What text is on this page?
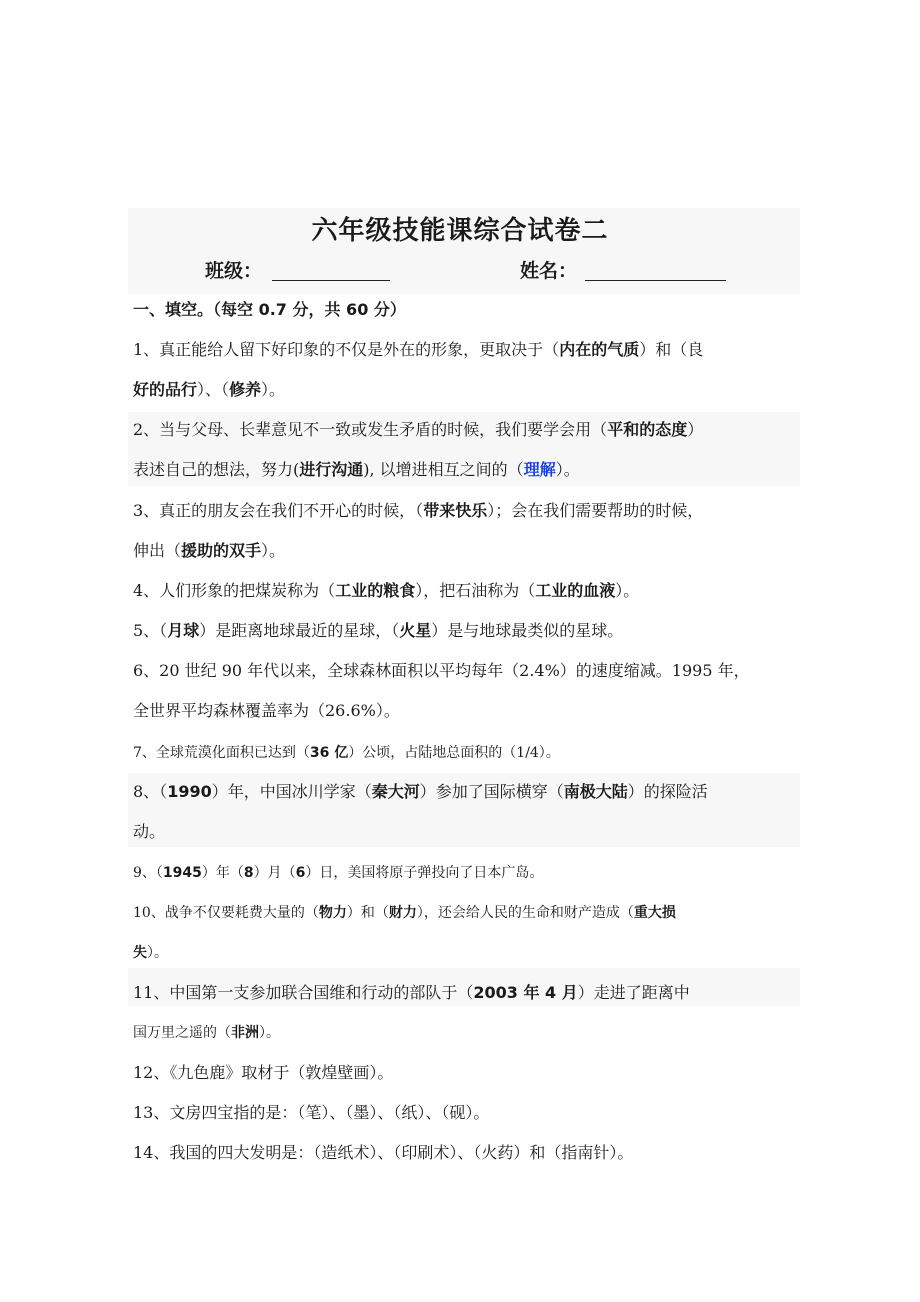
六年级技能课综合试卷二
班级：	姓名：
一、填空。（每空 0.7 分，共 60 分）
1、真正能给人留下好印象的不仅是外在的形象，更取决于（内在的气质）和（良
好的品行）、（修养）。
2、当与父母、长辈意见不一致或发生矛盾的时候，我们要学会用（平和的态度）
表述自己的想法，努力(进行沟通), 以增进相互之间的（理解）。
3、真正的朋友会在我们不开心的时候，（带来快乐）；会在我们需要帮助的时候，
伸出（援助的双手）。
4、人们形象的把煤炭称为（工业的粮食），把石油称为（工业的血液）。
5、（月球）是距离地球最近的星球，（火星）是与地球最类似的星球。
6、20 世纪 90 年代以来，全球森林面积以平均每年（2.4%）的速度缩减。1995 年，
全世界平均森林覆盖率为（26.6%）。
7、全球荒漠化面积已达到（36 亿）公顷，占陆地总面积的（1/4）。
8、（1990）年，中国冰川学家（秦大河）参加了国际横穿（南极大陆）的探险活
动。
9、（1945）年（8）月（6）日，美国将原子弹投向了日本广岛。
10、战争不仅要耗费大量的（物力）和（财力），还会给人民的生命和财产造成（重大损
失）。
11、中国第一支参加联合国维和行动的部队于（2003 年 4 月）走进了距离中
国万里之遥的（非洲）。
12、《九色鹿》取材于（敦煌壁画）。
13、文房四宝指的是：（笔）、（墨）、（纸）、（砚）。
14、我国的四大发明是：（造纸术）、（印刷术）、（火药）和（指南针）。
